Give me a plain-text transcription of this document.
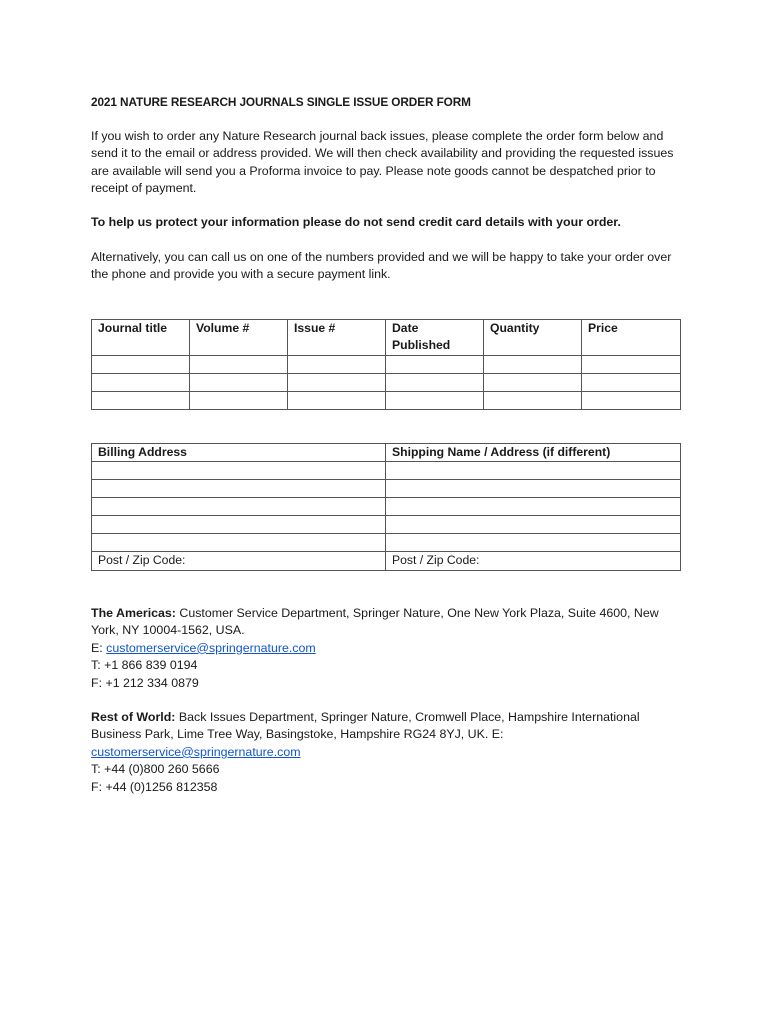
2021 NATURE RESEARCH JOURNALS SINGLE ISSUE ORDER FORM

If you wish to order any Nature Research journal back issues, please complete the order form below and send it to the email or address provided. We will then check availability and providing the requested issues are available will send you a Proforma invoice to pay. Please note goods cannot be despatched prior to receipt of payment.

To help us protect your information please do not send credit card details with your order.

Alternatively, you can call us on one of the numbers provided and we will be happy to take your order over the phone and provide you with a secure payment link.

Journal title	Volume #	Issue #	Date Published	Quantity	Price

Billing Address	Shipping Name / Address (if different)

Post / Zip Code:	Post / Zip Code:
The Americas: Customer Service Department, Springer Nature, One New York Plaza, Suite 4600, New York, NY 10004-1562, USA.
E: customerservice@springernature.com
T: +1 866 839 0194
F: +1 212 334 0879
Rest of World: Back Issues Department, Springer Nature, Cromwell Place, Hampshire International Business Park, Lime Tree Way, Basingstoke, Hampshire RG24 8YJ, UK. E:
customerservice@springernature.com
T: +44 (0)800 260 5666
F: +44 (0)1256 812358
